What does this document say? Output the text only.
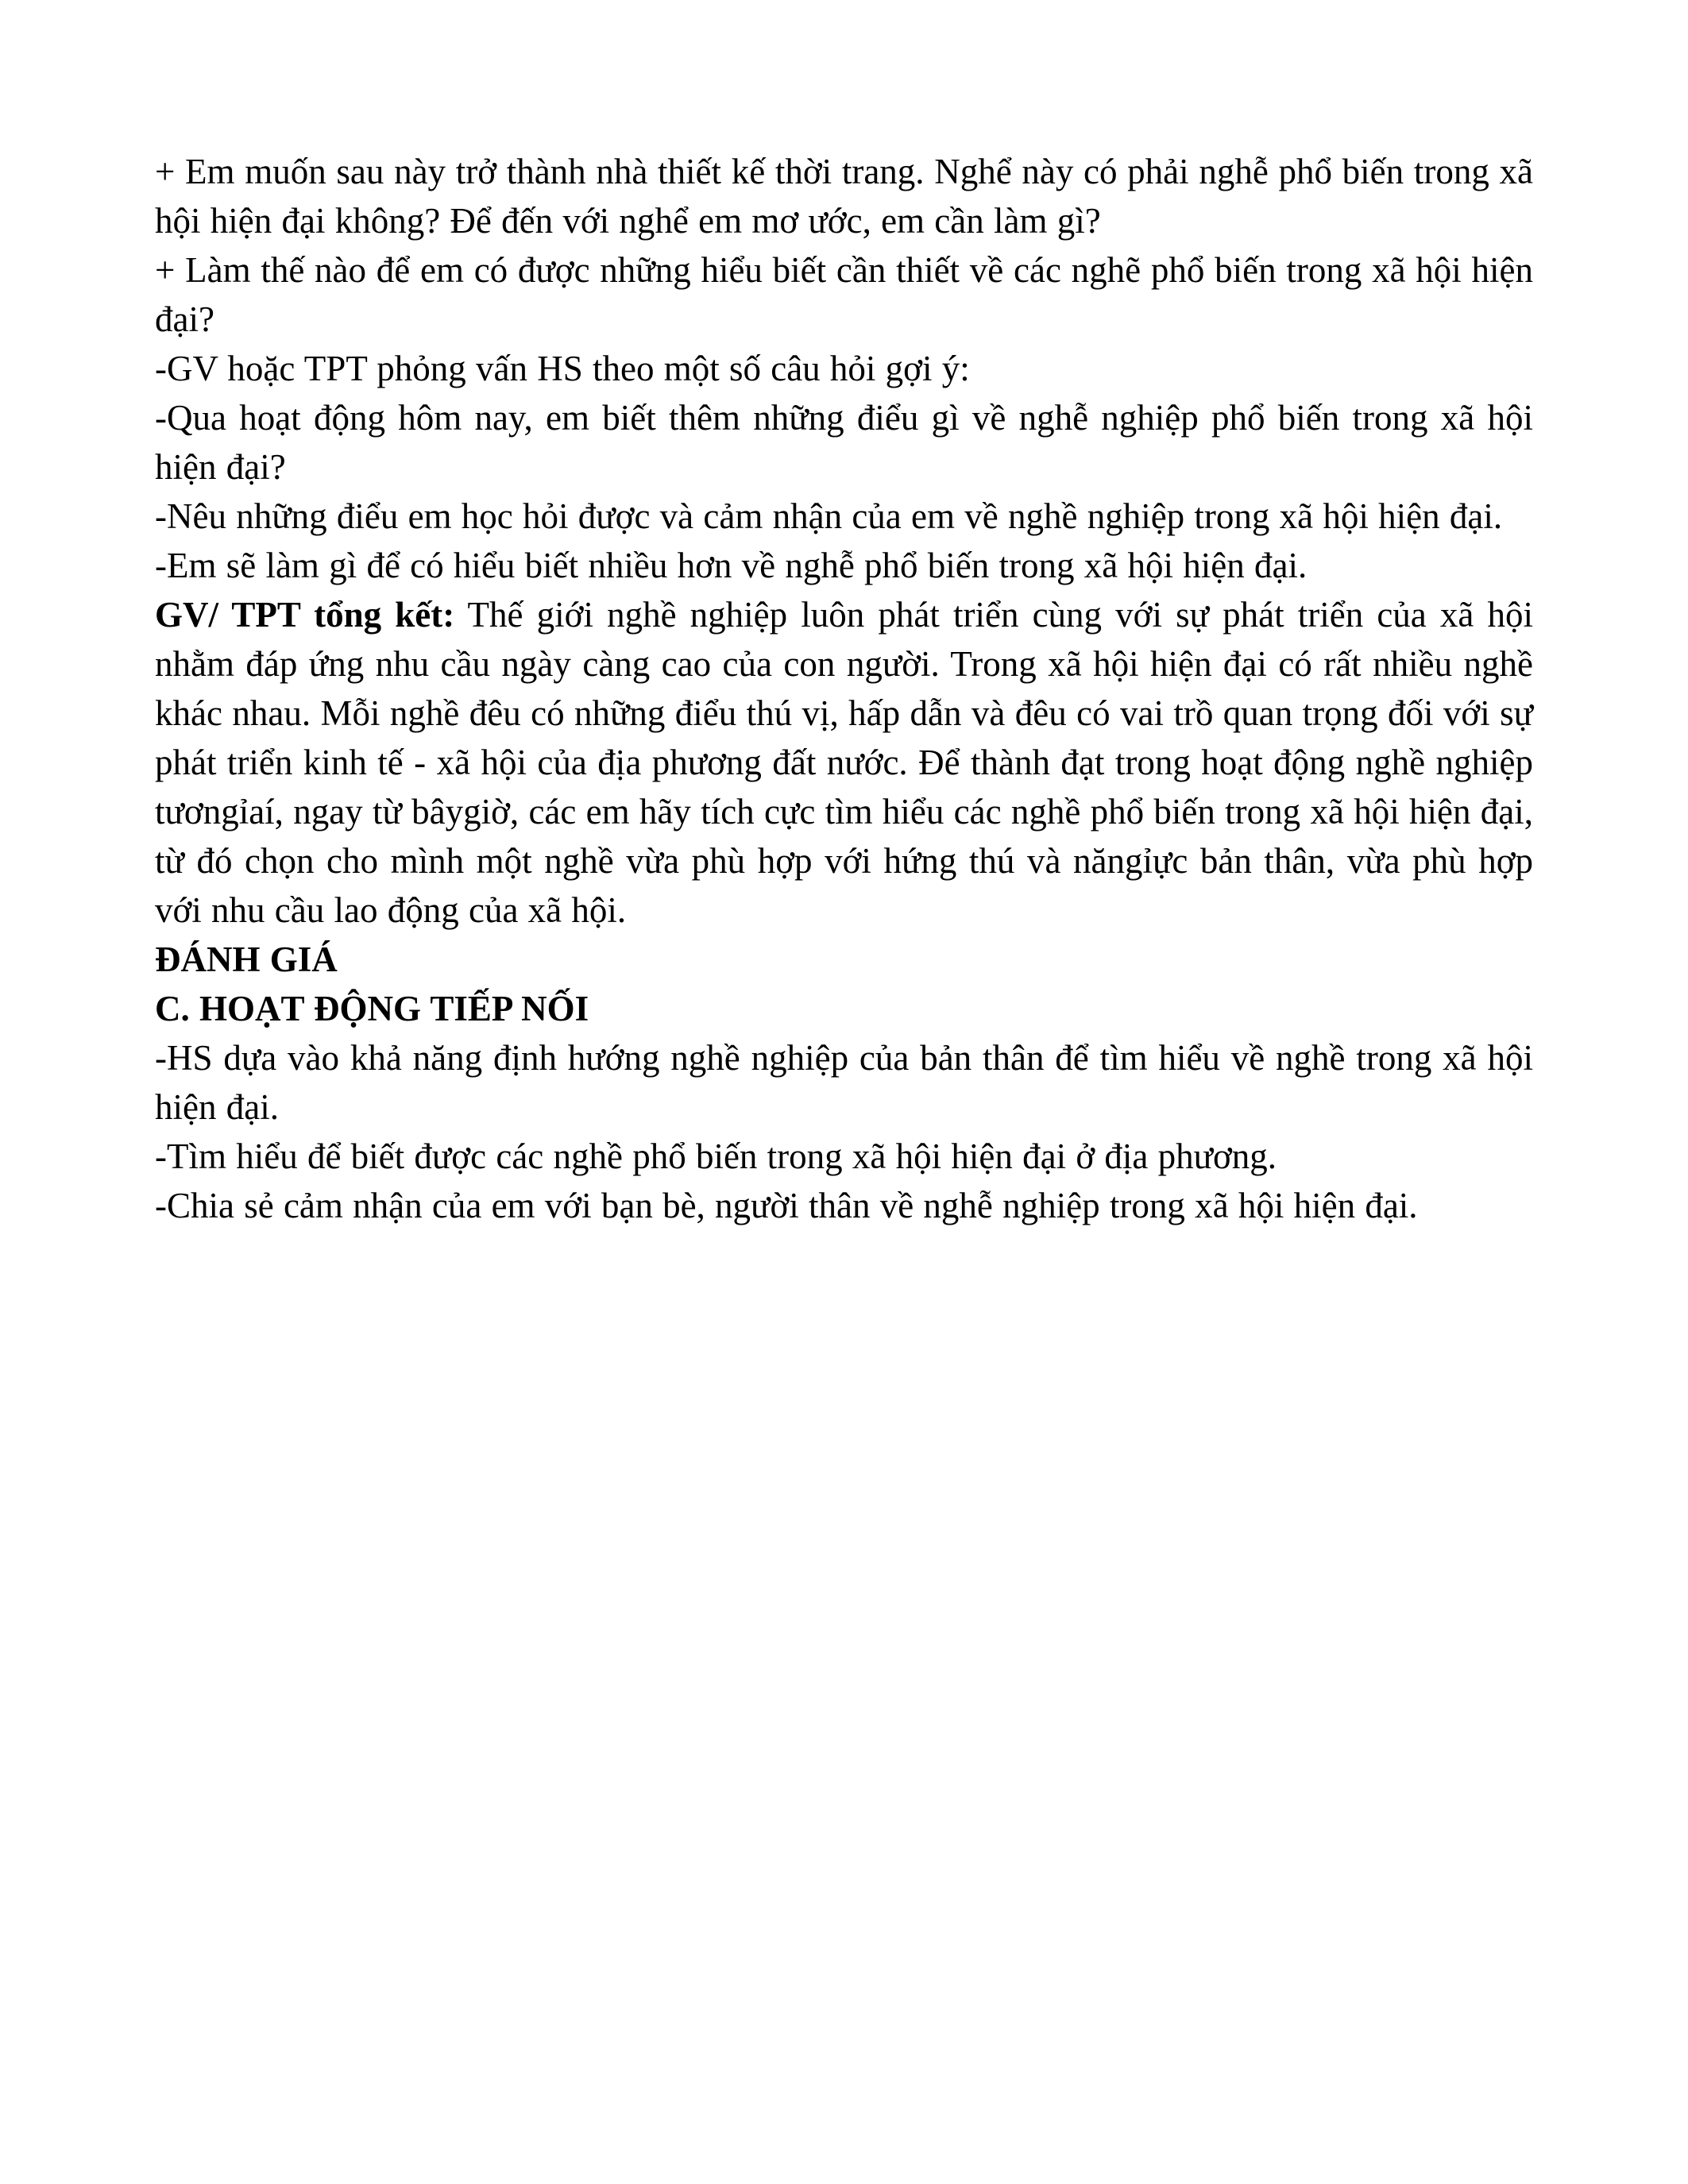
+ Em muốn sau này trở thành nhà thiết kế thời trang. Nghể này có phải nghễ phổ biến trong xã hội hiện đại không? Để đến với nghể em mơ ước, em cần làm gì?

+ Làm thế nào để em có được những hiểu biết cần thiết về các nghẽ phổ biến trong xã hội hiện đại?

-GV hoặc TPT phỏng vấn HS theo một số câu hỏi gợi ý:

-Qua hoạt động hôm nay, em biết thêm những điểu gì về nghễ nghiệp phổ biến trong xã hội hiện đại?

-Nêu những điểu em học hỏi được và cảm nhận của em về nghề nghiệp trong xã hội hiện đại.

-Em sẽ làm gì để có hiểu biết nhiều hơn về nghễ phổ biến trong xã hội hiện đại.

GV/ TPT tổng kết: Thế giới nghề nghiệp luôn phát triển cùng với sự phát triển của xã hội nhằm đáp ứng nhu cầu ngày càng cao của con người. Trong xã hội hiện đại có rất nhiều nghề khác nhau. Mỗi nghề đêu có những điểu thú vị, hấp dẫn và đêu có vai trồ quan trọng đối với sự phát triển kinh tế - xã hội của địa phương đất nước. Để thành đạt trong hoạt động nghề nghiệp tươngỉaí, ngay từ bâygiờ, các em hãy tích cực tìm hiểu các nghề phổ biến trong xã hội hiện đại, từ đó chọn cho mình một nghề vừa phù hợp với hứng thú và năngỉực bản thân, vừa phù hợp với nhu cầu lao động của xã hội.

ĐÁNH GIÁ

C. HOẠT ĐỘNG TIẾP NỐI

-HS dựa vào khả năng định hướng nghề nghiệp của bản thân để tìm hiểu về nghề trong xã hội hiện đại.

-Tìm hiểu để biết được các nghề phổ biến trong xã hội hiện đại ở địa phương.

-Chia sẻ cảm nhận của em với bạn bè, người thân về nghễ nghiệp trong xã hội hiện đại.
